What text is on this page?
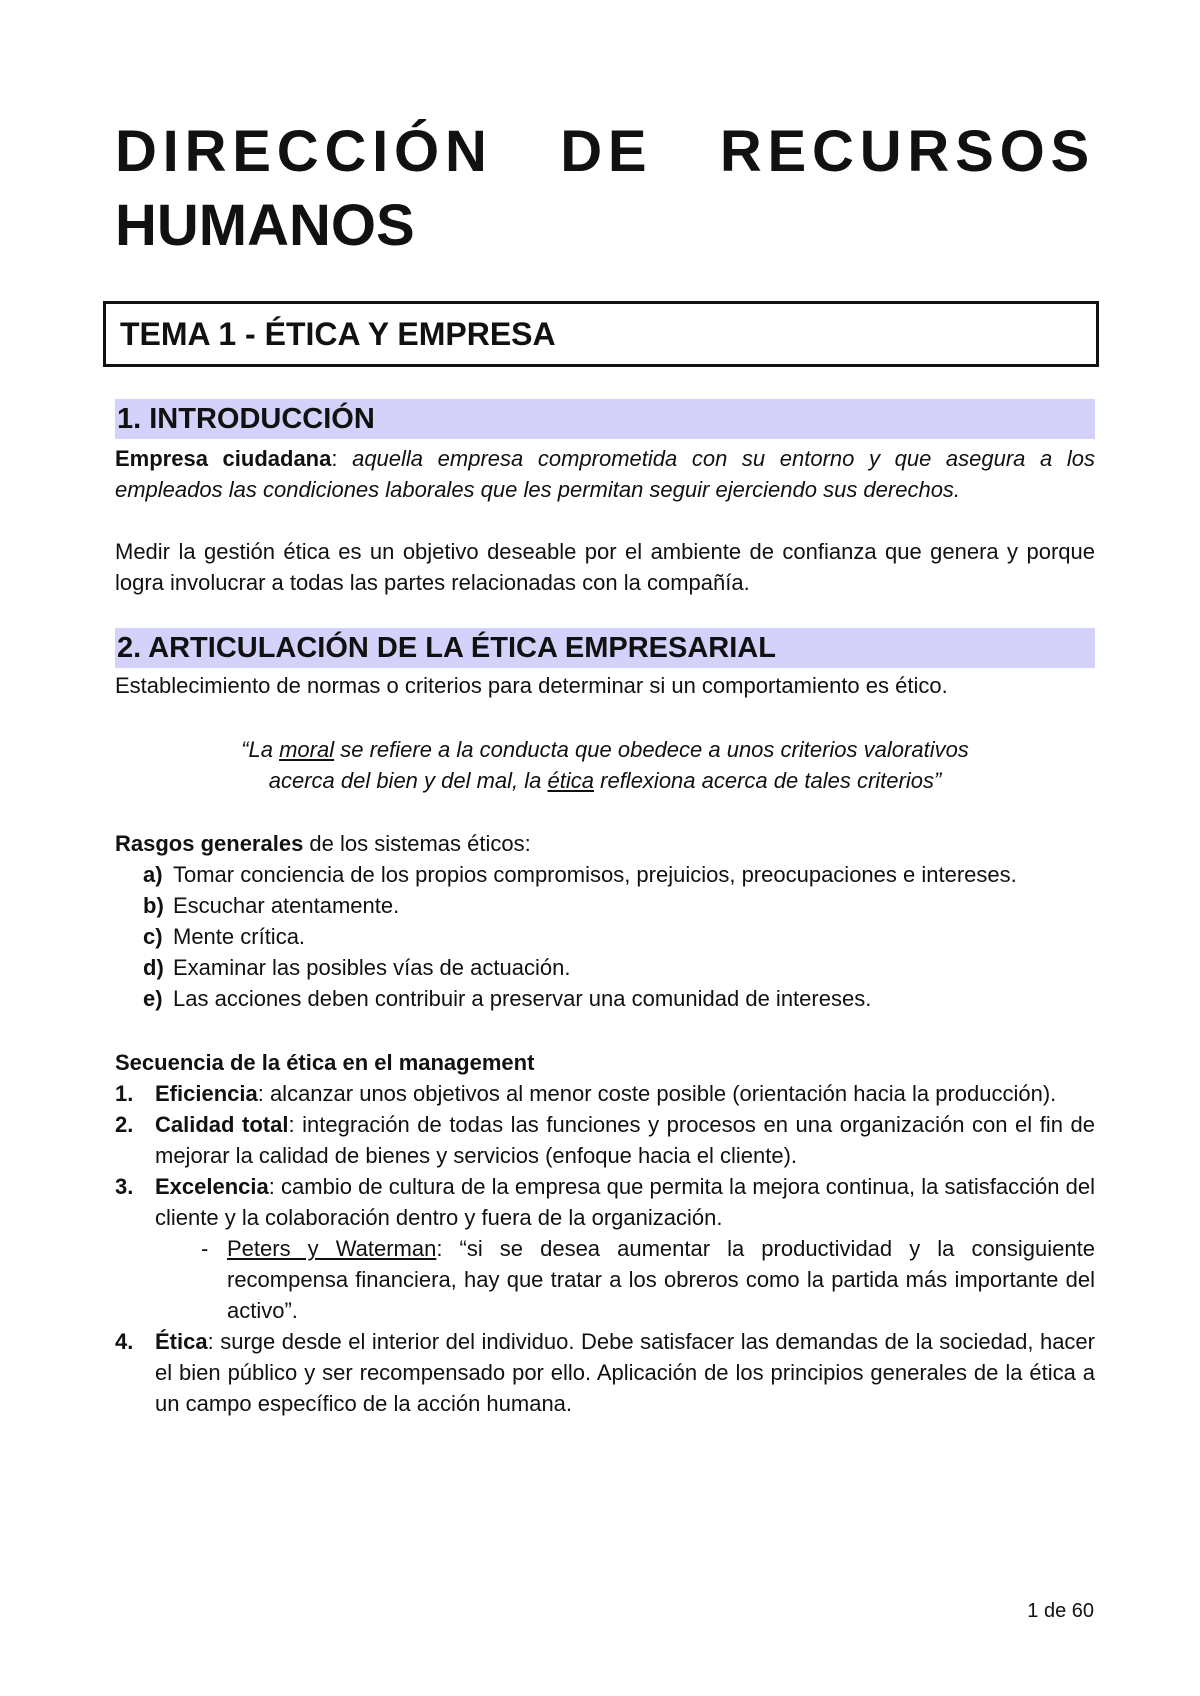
DIRECCIÓN DE RECURSOS
HUMANOS
TEMA 1 - ÉTICA Y EMPRESA
1. INTRODUCCIÓN

Empresa ciudadana: aquella empresa comprometida con su entorno y que asegura a los empleados las condiciones laborales que les permitan seguir ejerciendo sus derechos.

Medir la gestión ética es un objetivo deseable por el ambiente de confianza que genera y porque logra involucrar a todas las partes relacionadas con la compañía.

2. ARTICULACIÓN DE LA ÉTICA EMPRESARIAL

Establecimiento de normas o criterios para determinar si un comportamiento es ético.

“La moral se refiere a la conducta que obedece a unos criterios valorativos
acerca del bien y del mal, la ética reflexiona acerca de tales criterios”

Rasgos generales de los sistemas éticos:

a) Tomar conciencia de los propios compromisos, prejuicios, preocupaciones e intereses.
b) Escuchar atentamente.
c) Mente crítica.
d) Examinar las posibles vías de actuación.
e) Las acciones deben contribuir a preservar una comunidad de intereses.

Secuencia de la ética en el management

1. Eficiencia: alcanzar unos objetivos al menor coste posible (orientación hacia la producción).
2. Calidad total: integración de todas las funciones y procesos en una organización con el fin de mejorar la calidad de bienes y servicios (enfoque hacia el cliente).
3. Excelencia: cambio de cultura de la empresa que permita la mejora continua, la satisfacción del cliente y la colaboración dentro y fuera de la organización.
- Peters y Waterman: “si se desea aumentar la productividad y la consiguiente recompensa financiera, hay que tratar a los obreros como la partida más importante del activo”.
4. Ética: surge desde el interior del individuo. Debe satisfacer las demandas de la sociedad, hacer el bien público y ser recompensado por ello. Aplicación de los principios generales de la ética a un campo específico de la acción humana.
1 de 60
